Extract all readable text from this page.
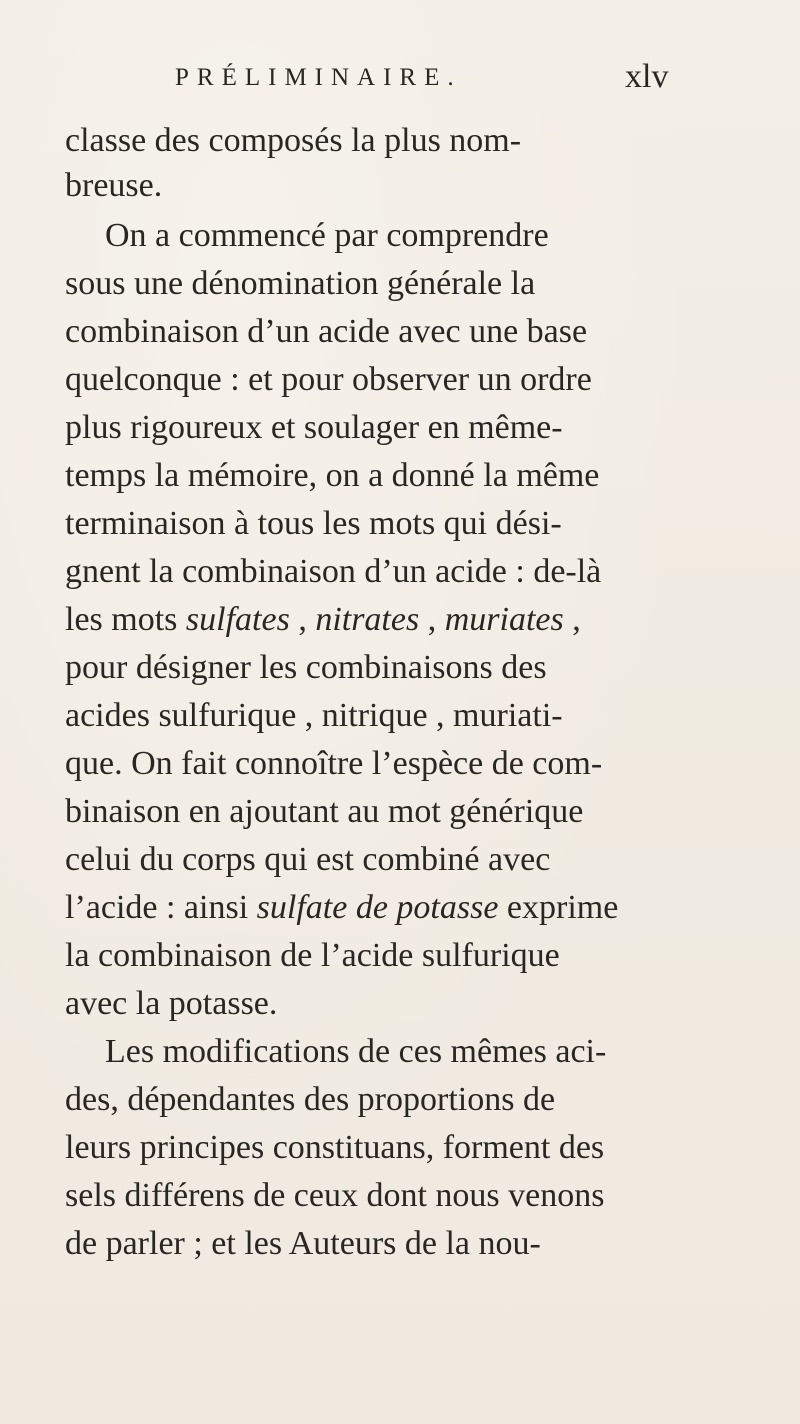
PRÉLIMINAIRE.	xlv
classe des composés la plus nom-
breuse.
On a commencé par comprendre
sous une dénomination générale la
combinaison d’un acide avec une base
quelconque : et pour observer un ordre
plus rigoureux et soulager en même-
temps la mémoire, on a donné la même
terminaison à tous les mots qui dési-
gnent la combinaison d’un acide : de-là
les mots sulfates , nitrates , muriates ,
pour désigner les combinaisons des
acides sulfurique , nitrique , muriati-
que. On fait connoître l’espèce de com-
binaison en ajoutant au mot générique
celui du corps qui est combiné avec
l’acide : ainsi sulfate de potasse exprime
la combinaison de l’acide sulfurique
avec la potasse.
Les modifications de ces mêmes aci-
des, dépendantes des proportions de
leurs principes constituans, forment des
sels différens de ceux dont nous venons
de parler ; et les Auteurs de la nou-
